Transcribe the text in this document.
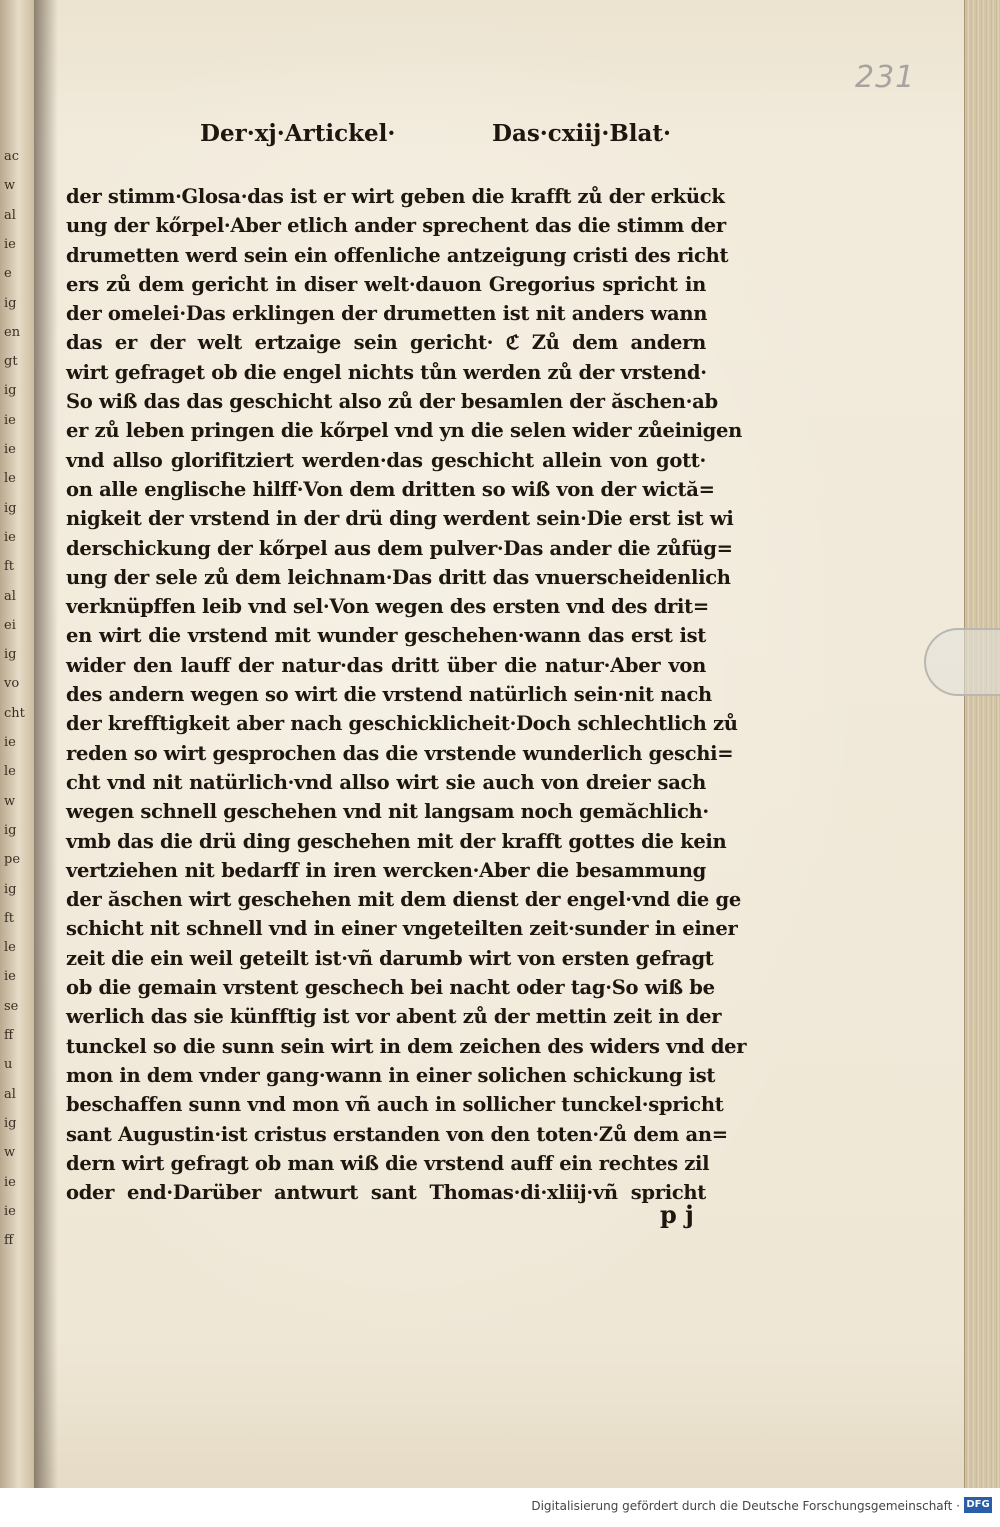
ac
w
al
ie
e
ig
en
gt
ig
ie
ie
le
ig
ie
ft
al
ei
ig
vo
cht
ie
le
w
ig
pe
ig
ft
le
ie
se
ff
u
al
ig
w
ie
ie
ff
231
Der·xj·Artickel·	Das·cxiij·Blat·
der stimm·Glosa·das ist er wirt geben die krafft zů der erkück
ung der kőrpel·Aber etlich ander sprechent das die stimm der
drumetten werd sein ein offenliche antzeigung cristi des richt
ers zů dem gericht in diser welt·dauon Gregorius spricht in
der omelei·Das erklingen der drumetten ist nit anders wann
das er der welt ertzaige sein gericht· ℭ Zů dem andern
wirt gefraget ob die engel nichts tůn werden zů der vrstend·
So wiß das das geschicht also zů der besamlen der ăschen·ab
er zů leben pringen die kőrpel vnd yn die selen wider zůeinigen
vnd allso glorifitziert werden·das geschicht allein von gott·
on alle englische hilff·Von dem dritten so wiß von der wictă=
nigkeit der vrstend in der drü ding werdent sein·Die erst ist wi
derschickung der kőrpel aus dem pulver·Das ander die zůfüg=
ung der sele zů dem leichnam·Das dritt das vnuerscheidenlich
verknüpffen leib vnd sel·Von wegen des ersten vnd des drit=
en wirt die vrstend mit wunder geschehen·wann das erst ist
wider den lauff der natur·das dritt über die natur·Aber von
des andern wegen so wirt die vrstend natürlich sein·nit nach
der krefftigkeit aber nach geschicklicheit·Doch schlechtlich zů
reden so wirt gesprochen das die vrstende wunderlich geschi=
cht vnd nit natürlich·vnd allso wirt sie auch von dreier sach
wegen schnell geschehen vnd nit langsam noch gemăchlich·
vmb das die drü ding geschehen mit der krafft gottes die kein
vertziehen nit bedarff in iren wercken·Aber die besammung
der ăschen wirt geschehen mit dem dienst der engel·vnd die ge
schicht nit schnell vnd in einer vngeteilten zeit·sunder in einer
zeit die ein weil geteilt ist·vñ darumb wirt von ersten gefragt
ob die gemain vrstent geschech bei nacht oder tag·So wiß be
werlich das sie künfftig ist vor abent zů der mettin zeit in der
tunckel so die sunn sein wirt in dem zeichen des widers vnd der
mon in dem vnder gang·wann in einer solichen schickung ist
beschaffen sunn vnd mon vñ auch in sollicher tunckel·spricht
sant Augustin·ist cristus erstanden von den toten·Zů dem an=
dern wirt gefragt ob man wiß die vrstend auff ein rechtes zil
oder end·Darüber antwurt sant Thomas·di·xliij·vñ spricht
p j
Digitalisierung gefördert durch die Deutsche Forschungsgemeinschaft · DFG
